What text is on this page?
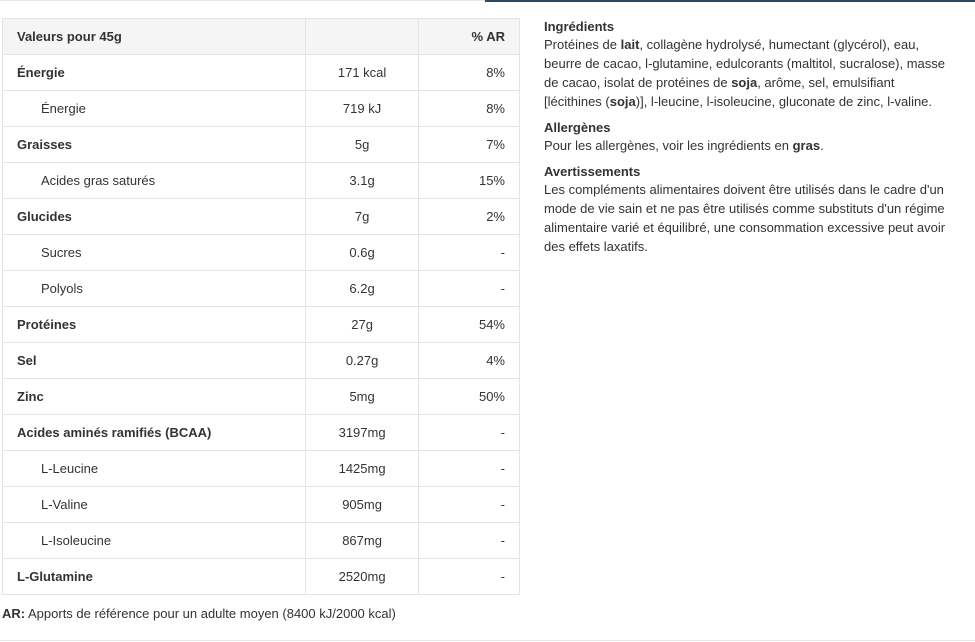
Valeurs pour 45g		% AR
Énergie	171 kcal	8%
Énergie	719 kJ	8%
Graisses	5g	7%
Acides gras saturés	3.1g	15%
Glucides	7g	2%
Sucres	0.6g	-
Polyols	6.2g	-
Protéines	27g	54%
Sel	0.27g	4%
Zinc	5mg	50%
Acides aminés ramifiés (BCAA)	3197mg	-
L-Leucine	1425mg	-
L-Valine	905mg	-
L-Isoleucine	867mg	-
L-Glutamine	2520mg	-
AR: Apports de référence pour un adulte moyen (8400 kJ/2000 kcal)
Ingrédients

Protéines de lait, collagène hydrolysé, humectant (glycérol), eau, beurre de cacao, l-glutamine, edulcorants (maltitol, sucralose), masse de cacao, isolat de protéines de soja, arôme, sel, emulsifiant [lécithines (soja)], l-leucine, l-isoleucine, gluconate de zinc, l-valine.

Allergènes

Pour les allergènes, voir les ingrédients en gras.

Avertissements

Les compléments alimentaires doivent être utilisés dans le cadre d'un mode de vie sain et ne pas être utilisés comme substituts d'un régime alimentaire varié et équilibré, une consommation excessive peut avoir des effets laxatifs.
